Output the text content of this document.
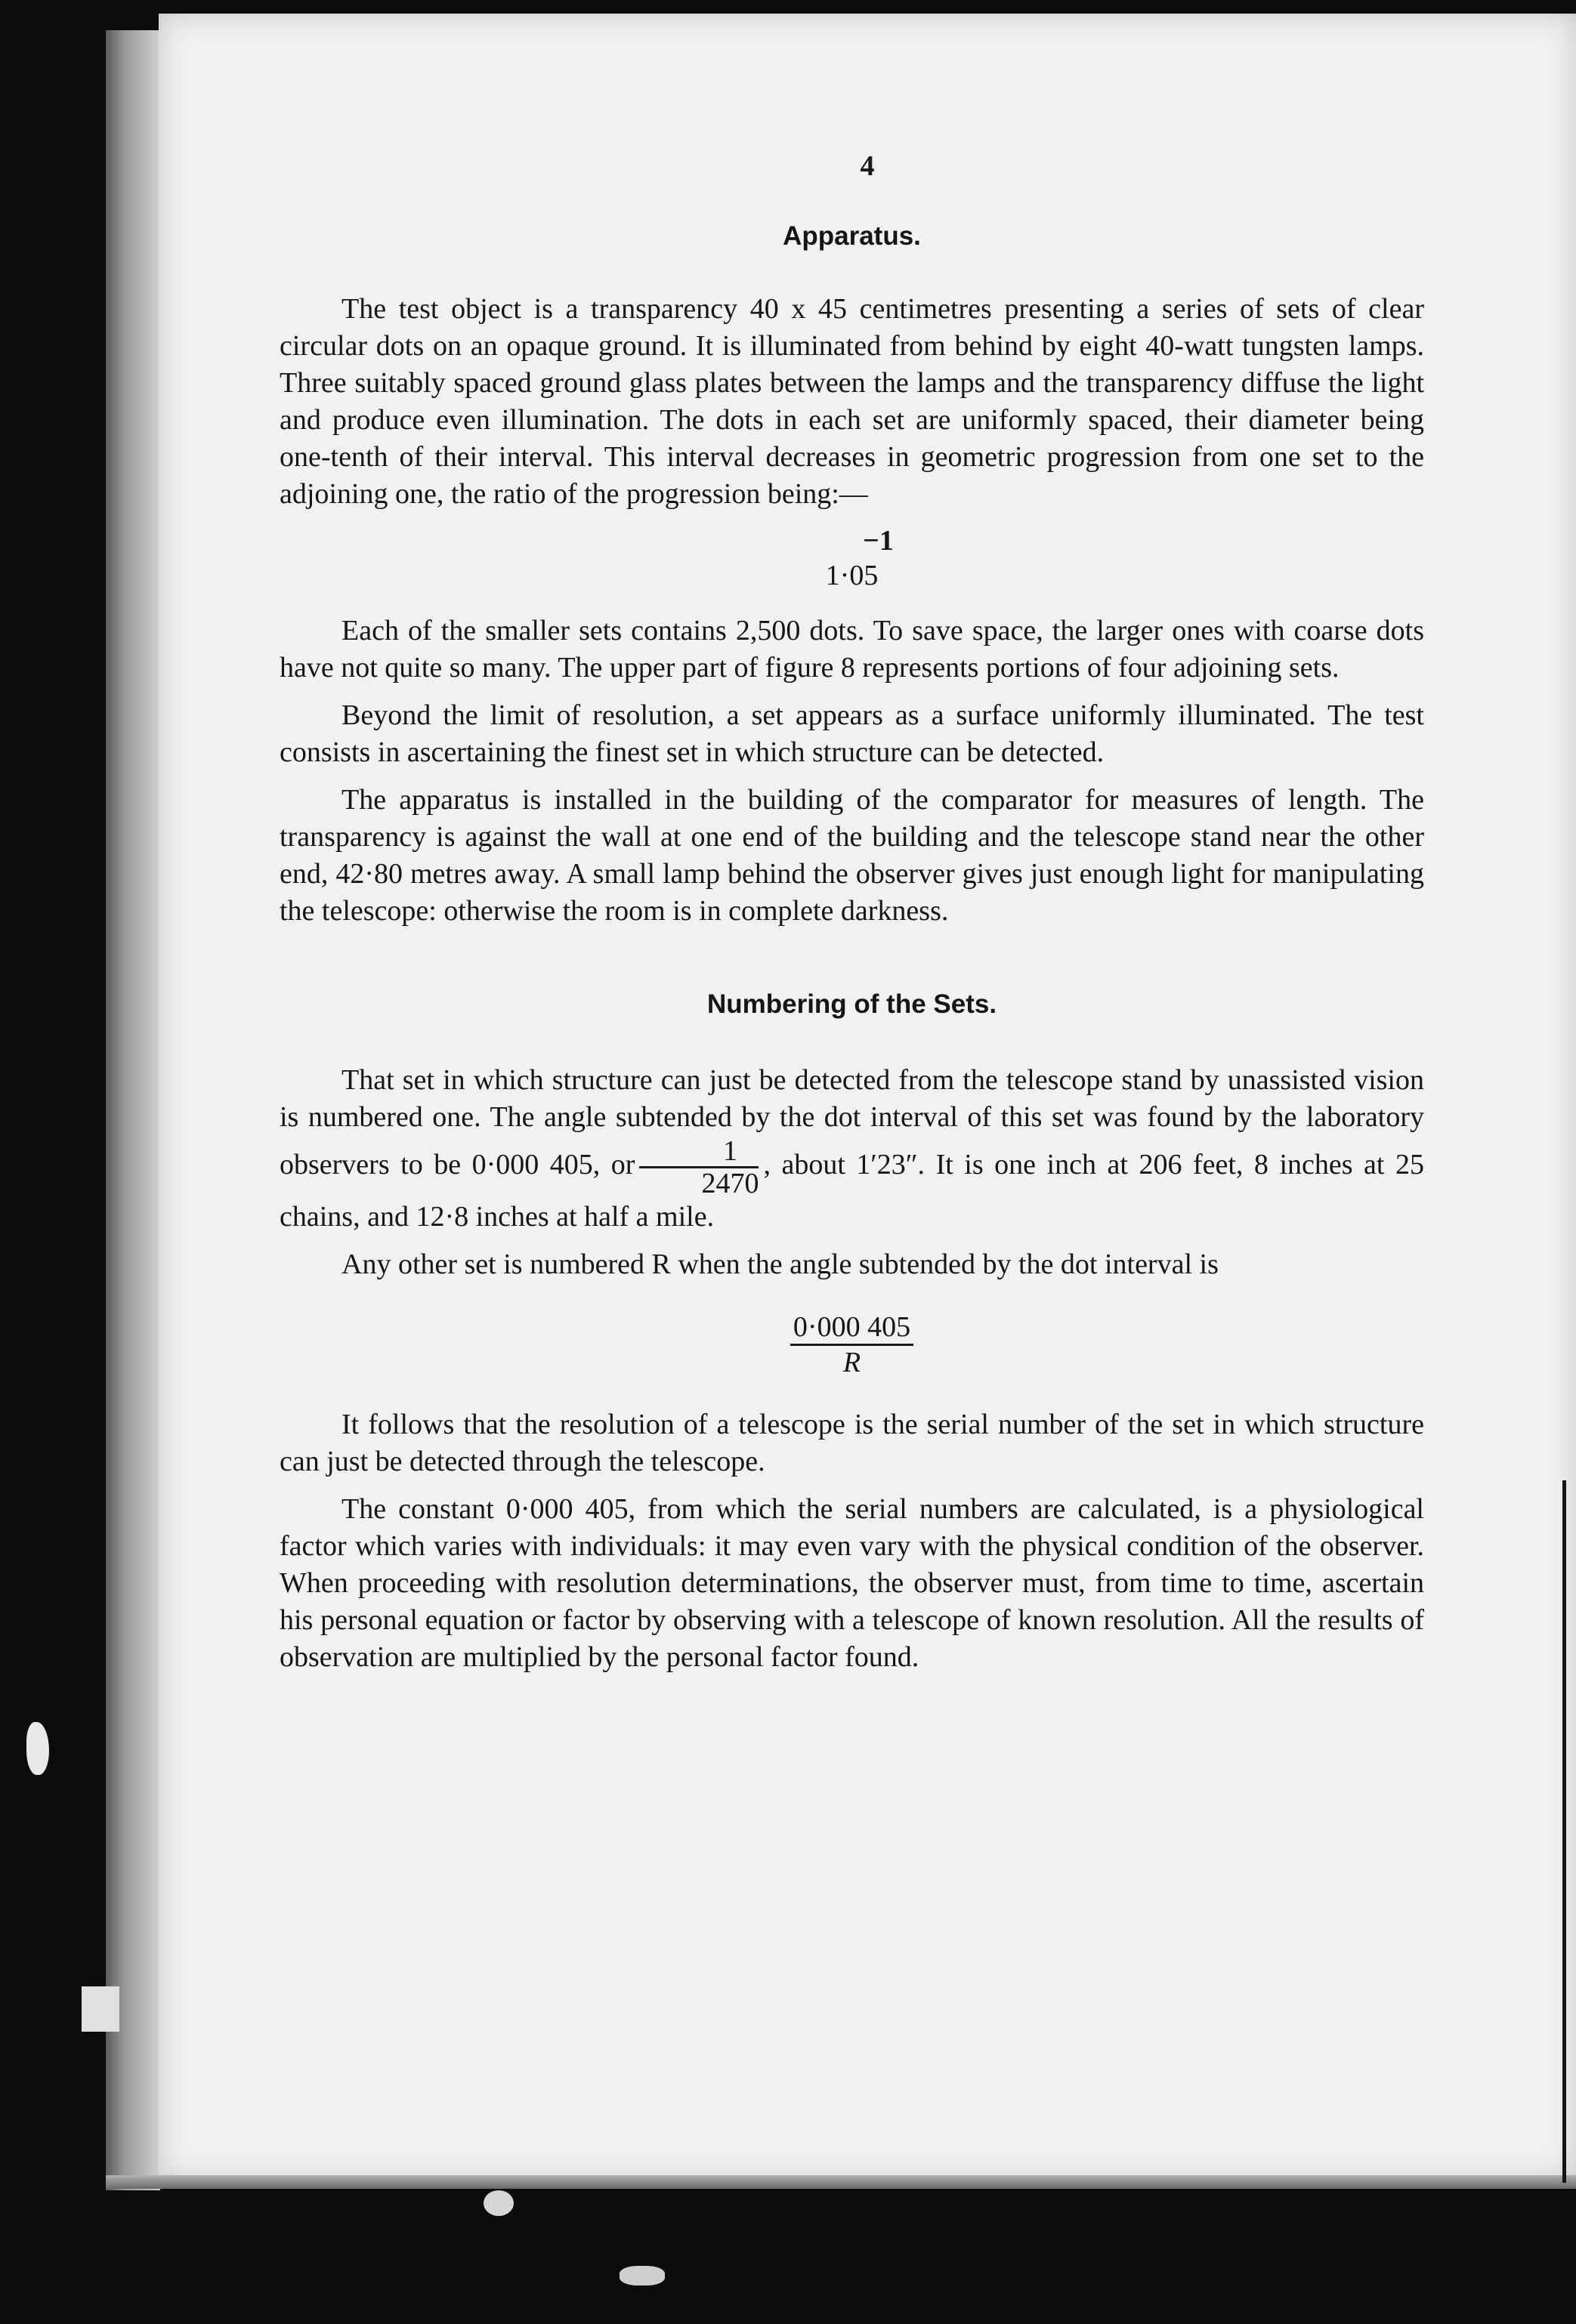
4
Apparatus.

The test object is a transparency 40 x 45 centimetres presenting a series of sets of clear circular dots on an opaque ground. It is illuminated from behind by eight 40-watt tungsten lamps. Three suitably spaced ground glass plates between the lamps and the transparency diffuse the light and produce even illumination. The dots in each set are uniformly spaced, their diameter being one-tenth of their interval. This interval decreases in geometric progression from one set to the adjoining one, the ratio of the progression being:—

−1
1·05

Each of the smaller sets contains 2,500 dots. To save space, the larger ones with coarse dots have not quite so many. The upper part of figure 8 represents portions of four adjoining sets.

Beyond the limit of resolution, a set appears as a surface uniformly illuminated. The test consists in ascertaining the finest set in which structure can be detected.

The apparatus is installed in the building of the comparator for measures of length. The transparency is against the wall at one end of the building and the telescope stand near the other end, 42·80 metres away. A small lamp behind the observer gives just enough light for manipulating the telescope: otherwise the room is in complete darkness.

Numbering of the Sets.

That set in which structure can just be detected from the telescope stand by unassisted vision is numbered one. The angle subtended by the dot interval of this set was found by the laboratory observers to be 0·000 405, or $\frac{1}{2470}$ , about 1′23″. It is one inch at 206 feet, 8 inches at 25 chains, and 12·8 inches at half a mile.

Any other set is numbered R when the angle subtended by the dot interval is

$\frac{0\cdot 000 405}{R}$

It follows that the resolution of a telescope is the serial number of the set in which structure can just be detected through the telescope.

The constant 0·000 405, from which the serial numbers are calculated, is a physiological factor which varies with individuals: it may even vary with the physical condition of the observer. When proceeding with resolution determinations, the observer must, from time to time, ascertain his personal equation or factor by observing with a telescope of known resolution. All the results of observation are multiplied by the personal factor found.
